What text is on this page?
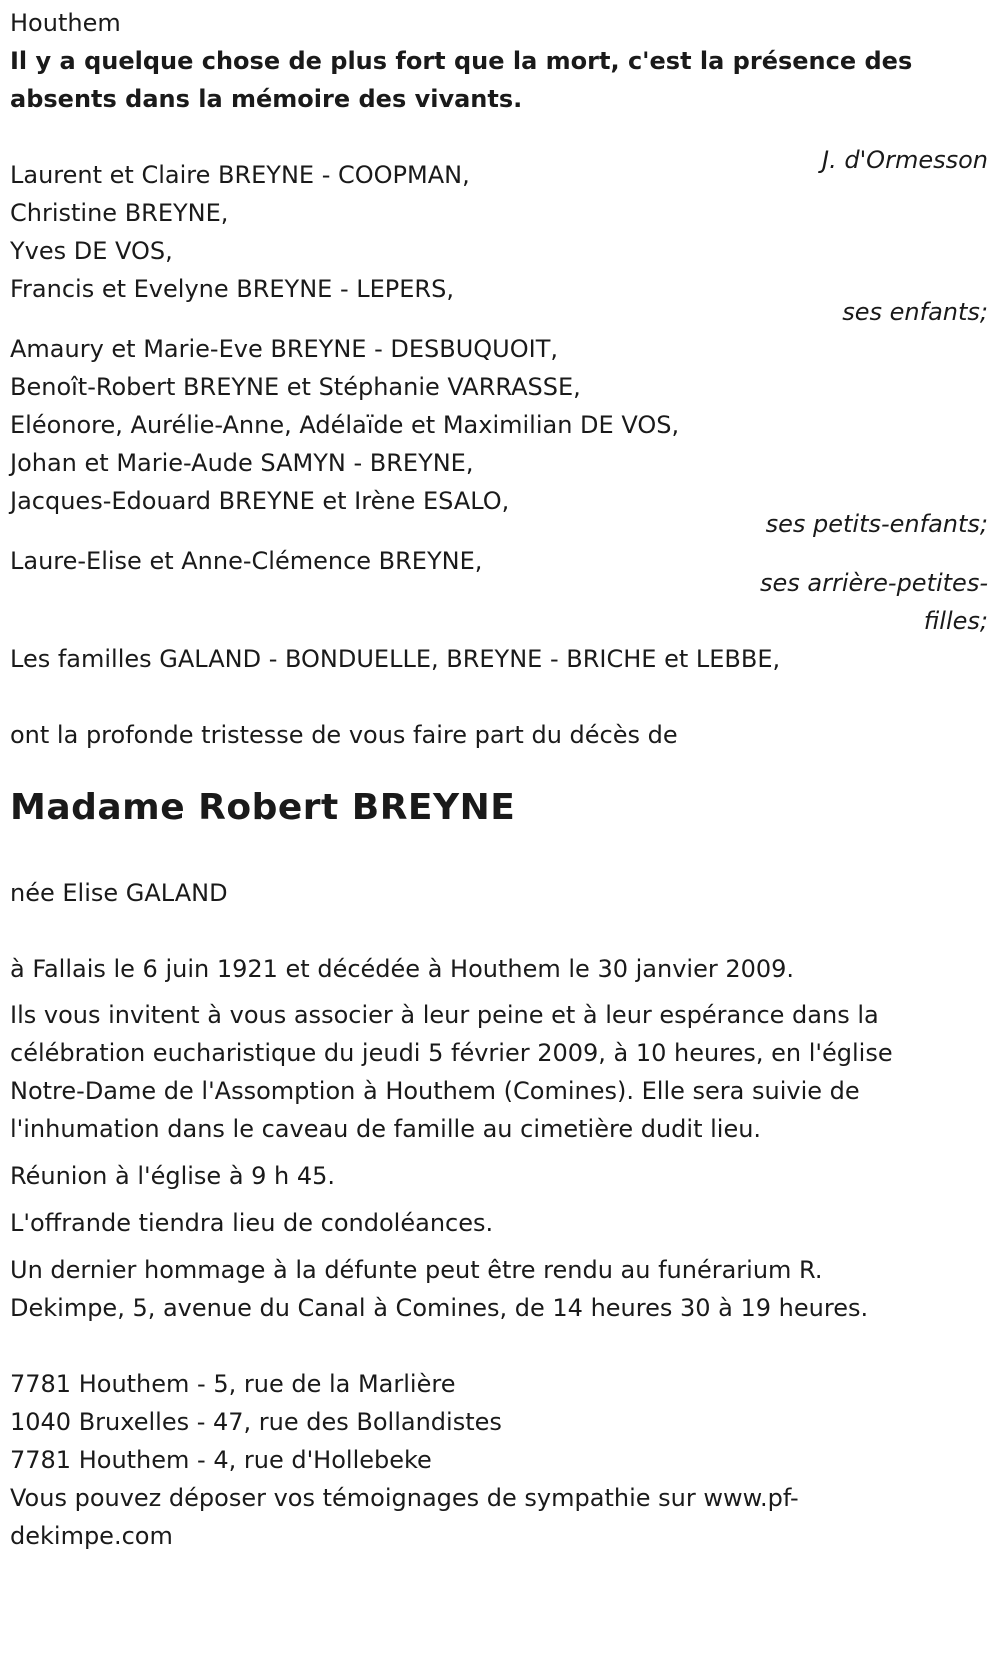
Houthem
Il y a quelque chose de plus fort que la mort, c'est la présence des
absents dans la mémoire des vivants.
J. d'Ormesson
Laurent et Claire BREYNE - COOPMAN,
Christine BREYNE,
Yves DE VOS,
Francis et Evelyne BREYNE - LEPERS,
ses enfants;
Amaury et Marie-Eve BREYNE - DESBUQUOIT,
Benoît-Robert BREYNE et Stéphanie VARRASSE,
Eléonore, Aurélie-Anne, Adélaïde et Maximilian DE VOS,
Johan et Marie-Aude SAMYN - BREYNE,
Jacques-Edouard BREYNE et Irène ESALO,
ses petits-enfants;
Laure-Elise et Anne-Clémence BREYNE,
ses arrière-petites-
filles;
Les familles GALAND - BONDUELLE, BREYNE - BRICHE et LEBBE,
ont la profonde tristesse de vous faire part du décès de
Madame Robert BREYNE
née Elise GALAND
à Fallais le 6 juin 1921 et décédée à Houthem le 30 janvier 2009.
Ils vous invitent à vous associer à leur peine et à leur espérance dans la
célébration eucharistique du jeudi 5 février 2009, à 10 heures, en l'église
Notre-Dame de l'Assomption à Houthem (Comines). Elle sera suivie de
l'inhumation dans le caveau de famille au cimetière dudit lieu.
Réunion à l'église à 9 h 45.
L'offrande tiendra lieu de condoléances.
Un dernier hommage à la défunte peut être rendu au funérarium R.
Dekimpe, 5, avenue du Canal à Comines, de 14 heures 30 à 19 heures.
7781 Houthem - 5, rue de la Marlière
1040 Bruxelles - 47, rue des Bollandistes
7781 Houthem - 4, rue d'Hollebeke
Vous pouvez déposer vos témoignages de sympathie sur www.pf-
dekimpe.com
